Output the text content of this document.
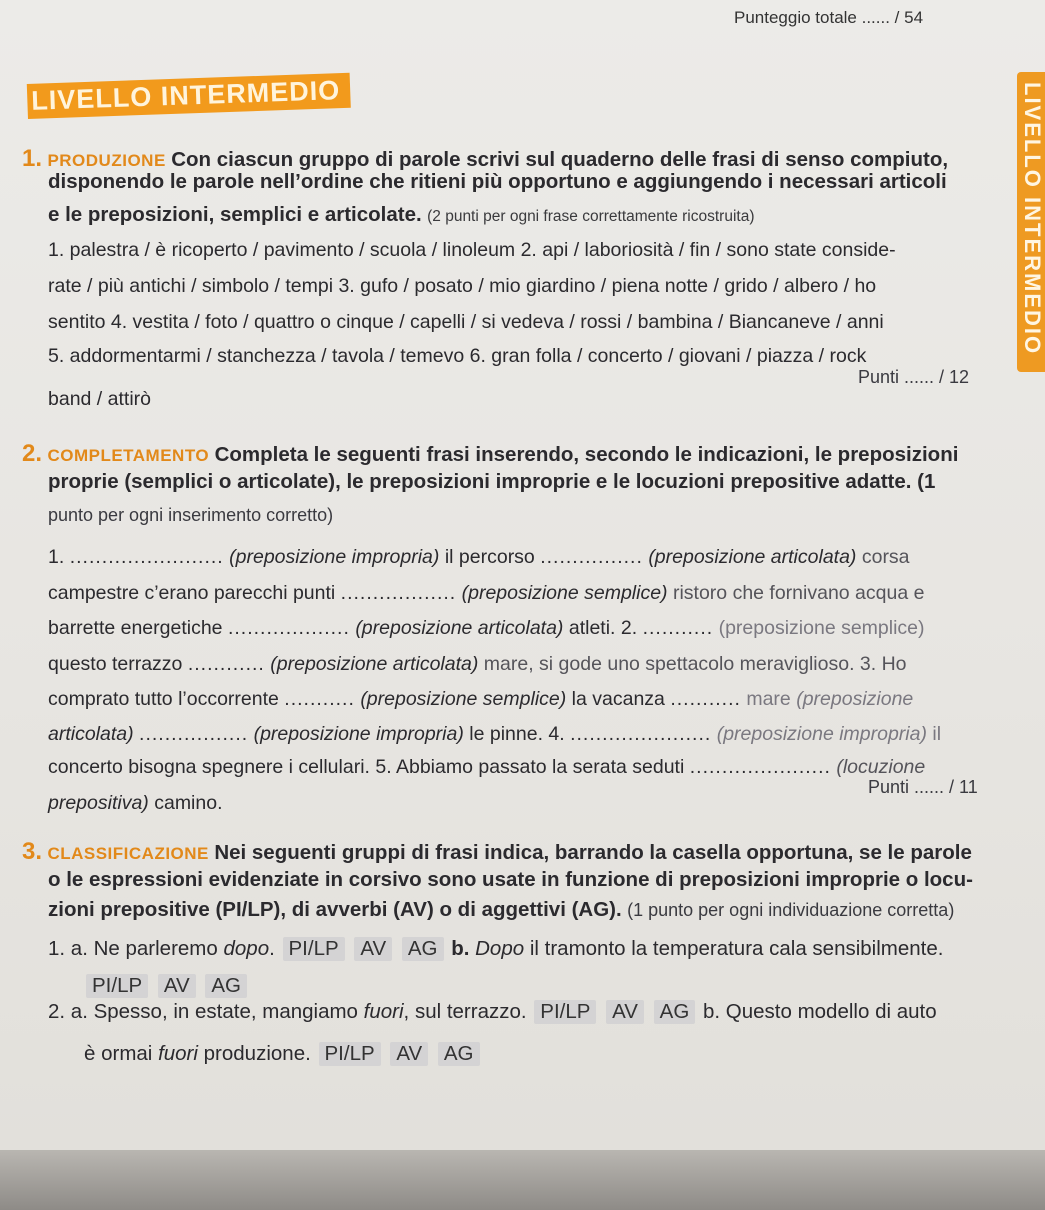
Punteggio totale ...... / 54
LIVELLO INTERMEDIO
LIVELLO INTERMEDIO
1. PRODUZIONE Con ciascun gruppo di parole scrivi sul quaderno delle frasi di senso compiuto,
disponendo le parole nell’ordine che ritieni più opportuno e aggiungendo i necessari articoli
e le preposizioni, semplici e articolate. (2 punti per ogni frase correttamente ricostruita)
1. palestra / è ricoperto / pavimento / scuola / linoleum 2. api / laboriosità / fin / sono state conside-
rate / più antichi / simbolo / tempi 3. gufo / posato / mio giardino / piena notte / grido / albero / ho
sentito 4. vestita / foto / quattro o cinque / capelli / si vedeva / rossi / bambina / Biancaneve / anni
5. addormentarmi / stanchezza / tavola / temevo 6. gran folla / concerto / giovani / piazza / rock
band / attirò
Punti ...... / 12
2. COMPLETAMENTO Completa le seguenti frasi inserendo, secondo le indicazioni, le preposizioni
proprie (semplici o articolate), le preposizioni improprie e le locuzioni prepositive adatte. (1
punto per ogni inserimento corretto)
1. ........................ (preposizione impropria) il percorso ................ (preposizione articolata) corsa
campestre c’erano parecchi punti .................. (preposizione semplice) ristoro che fornivano acqua e
barrette energetiche ................... (preposizione articolata) atleti. 2. ........... (preposizione semplice)
questo terrazzo ............ (preposizione articolata) mare, si gode uno spettacolo meraviglioso. 3. Ho
comprato tutto l’occorrente ........... (preposizione semplice) la vacanza ........... mare (preposizione
articolata) ................. (preposizione impropria) le pinne. 4. ...................... (preposizione impropria) il
concerto bisogna spegnere i cellulari. 5. Abbiamo passato la serata seduti ...................... (locuzione
prepositiva) camino.
Punti ...... / 11
3. CLASSIFICAZIONE Nei seguenti gruppi di frasi indica, barrando la casella opportuna, se le parole
o le espressioni evidenziate in corsivo sono usate in funzione di preposizioni improprie o locu-
zioni prepositive (PI/LP), di avverbi (AV) o di aggettivi (AG). (1 punto per ogni individuazione corretta)
1. a. Ne parleremo dopo. PI/LP AV AG b. Dopo il tramonto la temperatura cala sensibilmente.
PI/LP AV AG
2. a. Spesso, in estate, mangiamo fuori, sul terrazzo. PI/LP AV AG b. Questo modello di auto
è ormai fuori produzione. PI/LP AV AG
